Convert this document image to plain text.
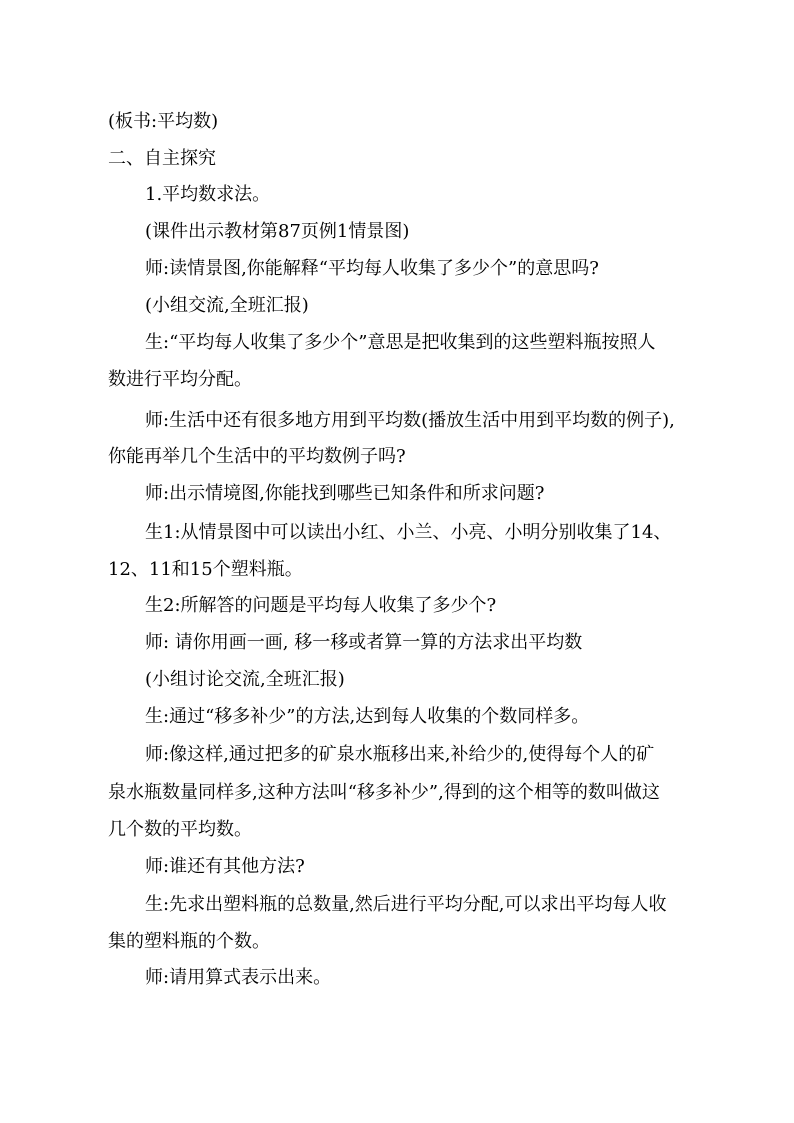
(板书:平均数)
二、自主探究
1.平均数求法。
(课件出示教材第87页例1情景图)
师:读情景图,你能解释“平均每人收集了多少个”的意思吗?
(小组交流,全班汇报)
生:“平均每人收集了多少个”意思是把收集到的这些塑料瓶按照人
数进行平均分配。
师:生活中还有很多地方用到平均数(播放生活中用到平均数的例子),
你能再举几个生活中的平均数例子吗?
师:出示情境图,你能找到哪些已知条件和所求问题?
生1:从情景图中可以读出小红、小兰、小亮、小明分别收集了14、
12、11和15个塑料瓶。
生2:所解答的问题是平均每人收集了多少个?
师: 请你用画一画, 移一移或者算一算的方法求出平均数
(小组讨论交流,全班汇报)
生:通过“移多补少”的方法,达到每人收集的个数同样多。
师:像这样,通过把多的矿泉水瓶移出来,补给少的,使得每个人的矿
泉水瓶数量同样多,这种方法叫“移多补少”,得到的这个相等的数叫做这
几个数的平均数。
师:谁还有其他方法?
生:先求出塑料瓶的总数量,然后进行平均分配,可以求出平均每人收
集的塑料瓶的个数。
师:请用算式表示出来。
